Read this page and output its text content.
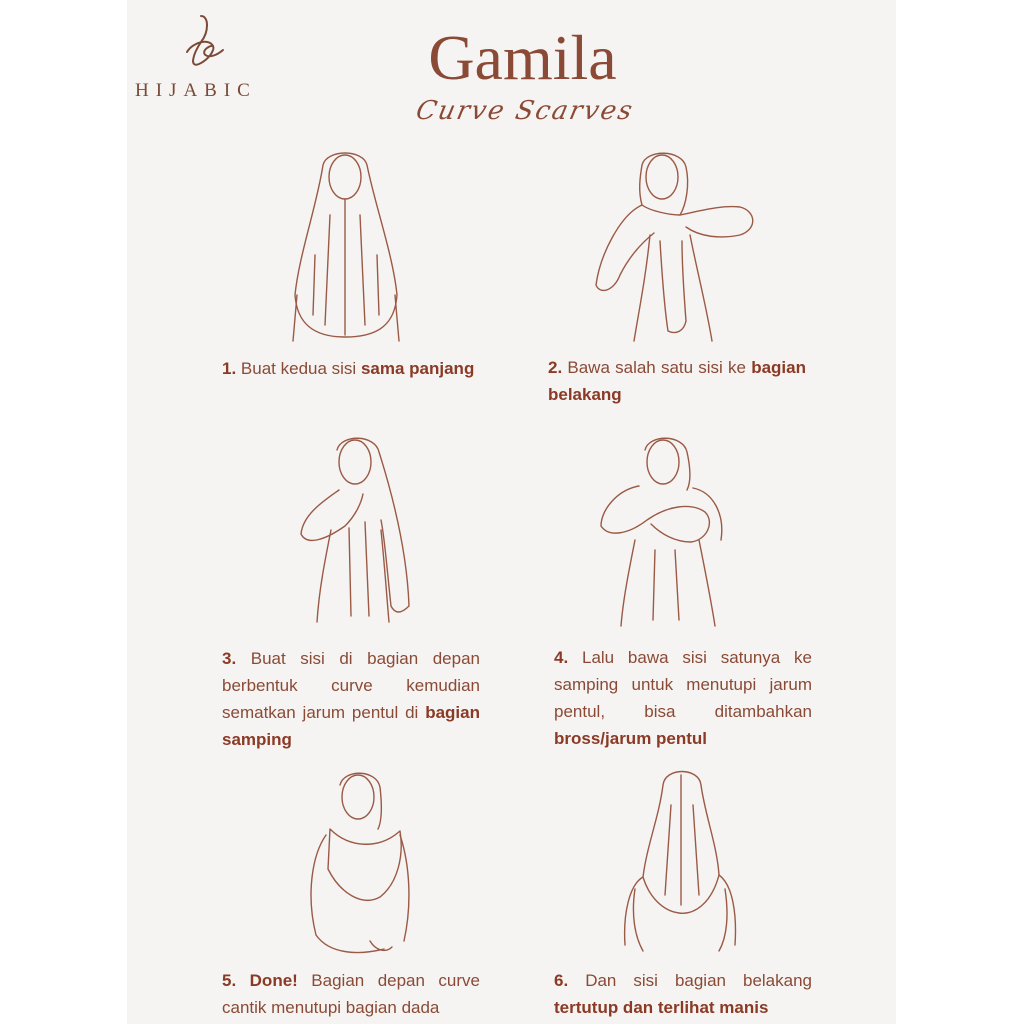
HIJABIC	Gamila
Curve Scarves
1. Buat kedua sisi sama panjang	2. Bawa salah satu sisi ke bagian belakang
3. Buat sisi di bagian depan berbentuk curve kemudian sematkan jarum pentul di bagian samping
4. Lalu bawa sisi satunya ke samping untuk menutupi jarum pentul, bisa ditambahkan bross/jarum pentul
5. Done! Bagian depan curve cantik menutupi bagian dada
6. Dan sisi bagian belakang tertutup dan terlihat manis
